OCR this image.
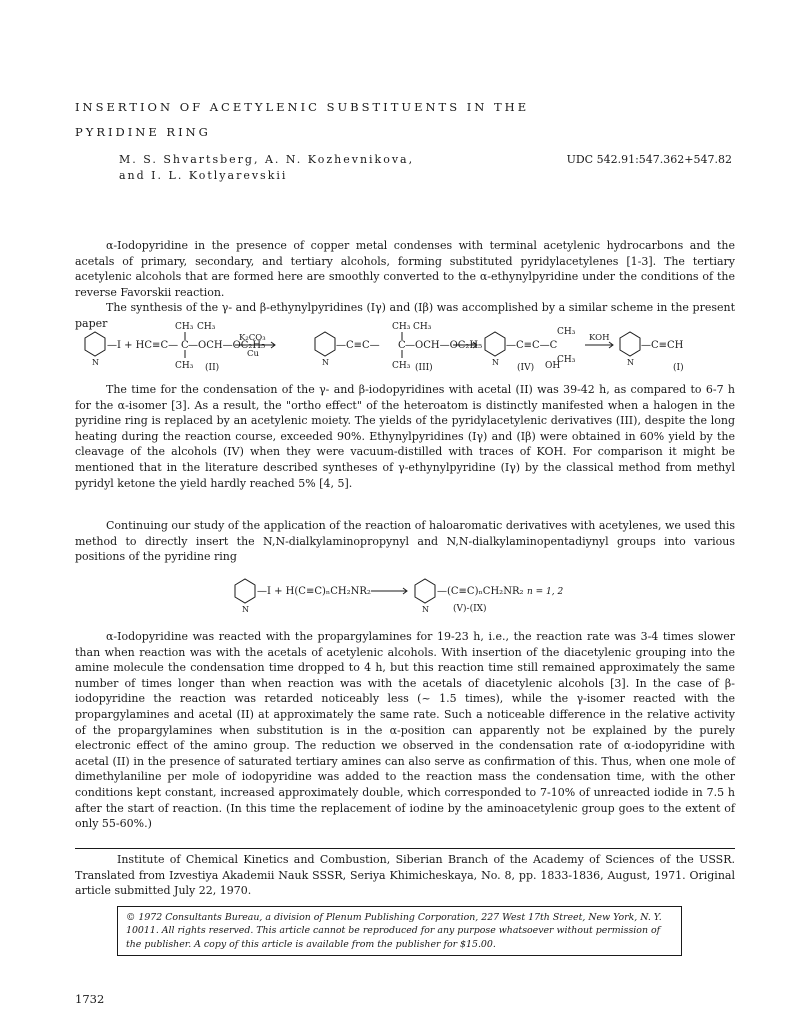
INSERTION OF ACETYLENIC SUBSTITUENTS IN THE
PYRIDINE RING
M. S. Shvartsberg, A. N. Kozhevnikova,
and I. L. Kotlyarevskii
UDC 542.91:547.362+547.82
α-Iodopyridine in the presence of copper metal condenses with terminal acetylenic hydrocarbons and the acetals of primary, secondary, and tertiary alcohols, forming substituted pyridylacetylenes [1-3]. The tertiary acetylenic alcohols that are formed here are smoothly converted to the α-ethynylpyridine under the conditions of the reverse Favorskii reaction.
The synthesis of the γ- and β-ethynylpyridines (Iγ) and (Iβ) was accomplished by a similar scheme in the present paper
—I + HC≡C— C —OCH—OC₂H₅
CH₃ CH₃
CH₃ (II)
K₂CO₃
Cu
—C≡C— C —OCH—OC₂H₅
CH₃ CH₃
CH₃ (III)
—C≡C—C
CH₃
CH₃
OH
(IV)
KOH
—C≡CH
(I)
N	N	N	N
The time for the condensation of the γ- and β-iodopyridines with acetal (II) was 39-42 h, as compared to 6-7 h for the α-isomer [3]. As a result, the "ortho effect" of the heteroatom is distinctly manifested when a halogen in the pyridine ring is replaced by an acetylenic moiety. The yields of the pyridylacetylenic derivatives (III), despite the long heating during the reaction course, exceeded 90%. Ethynylpyridines (Iγ) and (Iβ) were obtained in 60% yield by the cleavage of the alcohols (IV) when they were vacuum-distilled with traces of KOH. For comparison it might be mentioned that in the literature described syntheses of γ-ethynylpyridine (Iγ) by the classical method from methyl pyridyl ketone the yield hardly reached 5% [4, 5].
Continuing our study of the application of the reaction of haloaromatic derivatives with acetylenes, we used this method to directly insert the N,N-dialkylaminopropynyl and N,N-dialkylaminopentadiynyl groups into various positions of the pyridine ring
—I + H(C≡C)ₙCH₂NR₂	—(C≡C)ₙCH₂NR₂ n = 1, 2
(V)-(IX)
N	N
α-Iodopyridine was reacted with the propargylamines for 19-23 h, i.e., the reaction rate was 3-4 times slower than when reaction was with the acetals of acetylenic alcohols. With insertion of the diacetylenic grouping into the amine molecule the condensation time dropped to 4 h, but this reaction time still remained approximately the same number of times longer than when reaction was with the acetals of diacetylenic alcohols [3]. In the case of β-iodopyridine the reaction was retarded noticeably less (~ 1.5 times), while the γ-isomer reacted with the propargylamines and acetal (II) at approximately the same rate. Such a noticeable difference in the relative activity of the propargylamines when substitution is in the α-position can apparently not be explained by the purely electronic effect of the amino group. The reduction we observed in the condensation rate of α-iodopyridine with acetal (II) in the presence of saturated tertiary amines can also serve as confirmation of this. Thus, when one mole of dimethylaniline per mole of iodopyridine was added to the reaction mass the condensation time, with the other conditions kept constant, increased approximately double, which corresponded to 7-10% of unreacted iodide in 7.5 h after the start of reaction. (In this time the replacement of iodine by the aminoacetylenic group goes to the extent of only 55-60%.)
Institute of Chemical Kinetics and Combustion, Siberian Branch of the Academy of Sciences of the USSR. Translated from Izvestiya Akademii Nauk SSSR, Seriya Khimicheskaya, No. 8, pp. 1833-1836, August, 1971. Original article submitted July 22, 1970.
© 1972 Consultants Bureau, a division of Plenum Publishing Corporation, 227 West 17th Street, New York, N. Y. 10011. All rights reserved. This article cannot be reproduced for any purpose whatsoever without permission of the publisher. A copy of this article is available from the publisher for $15.00.
1732
